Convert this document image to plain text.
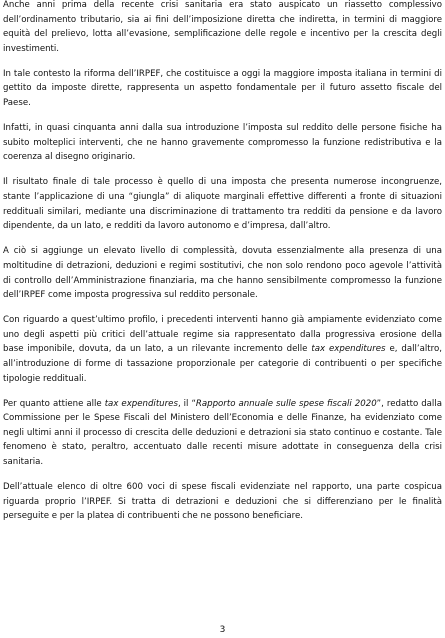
Anche anni prima della recente crisi sanitaria era stato auspicato un riassetto complessivo dell’ordinamento tributario, sia ai fini dell’imposizione diretta che indiretta, in termini di maggiore equità del prelievo, lotta all’evasione, semplificazione delle regole e incentivo per la crescita degli investimenti.

In tale contesto la riforma dell’IRPEF, che costituisce a oggi la maggiore imposta italiana in termini di gettito da imposte dirette, rappresenta un aspetto fondamentale per il futuro assetto fiscale del Paese.

Infatti, in quasi cinquanta anni dalla sua introduzione l’imposta sul reddito delle persone fisiche ha subito molteplici interventi, che ne hanno gravemente compromesso la funzione redistributiva e la coerenza al disegno originario.

Il risultato finale di tale processo è quello di una imposta che presenta numerose incongruenze, stante l’applicazione di una “giungla” di aliquote marginali effettive differenti a fronte di situazioni reddituali similari, mediante una discriminazione di trattamento tra redditi da pensione e da lavoro dipendente, da un lato, e redditi da lavoro autonomo e d’impresa, dall’altro.

A ciò si aggiunge un elevato livello di complessità, dovuta essenzialmente alla presenza di una moltitudine di detrazioni, deduzioni e regimi sostitutivi, che non solo rendono poco agevole l’attività di controllo dell’Amministrazione finanziaria, ma che hanno sensibilmente compromesso la funzione dell’IRPEF come imposta progressiva sul reddito personale.

Con riguardo a quest’ultimo profilo, i precedenti interventi hanno già ampiamente evidenziato come uno degli aspetti più critici dell’attuale regime sia rappresentato dalla progressiva erosione della base imponibile, dovuta, da un lato, a un rilevante incremento delle tax expenditures e, dall’altro, all’introduzione di forme di tassazione proporzionale per categorie di contribuenti o per specifiche tipologie reddituali.

Per quanto attiene alle tax expenditures, il “Rapporto annuale sulle spese fiscali 2020”, redatto dalla Commissione per le Spese Fiscali del Ministero dell’Economia e delle Finanze, ha evidenziato come negli ultimi anni il processo di crescita delle deduzioni e detrazioni sia stato continuo e costante. Tale fenomeno è stato, peraltro, accentuato dalle recenti misure adottate in conseguenza della crisi sanitaria.

Dell’attuale elenco di oltre 600 voci di spese fiscali evidenziate nel rapporto, una parte cospicua riguarda proprio l’IRPEF. Si tratta di detrazioni e deduzioni che si differenziano per le finalità perseguite e per la platea di contribuenti che ne possono beneficiare.

3
